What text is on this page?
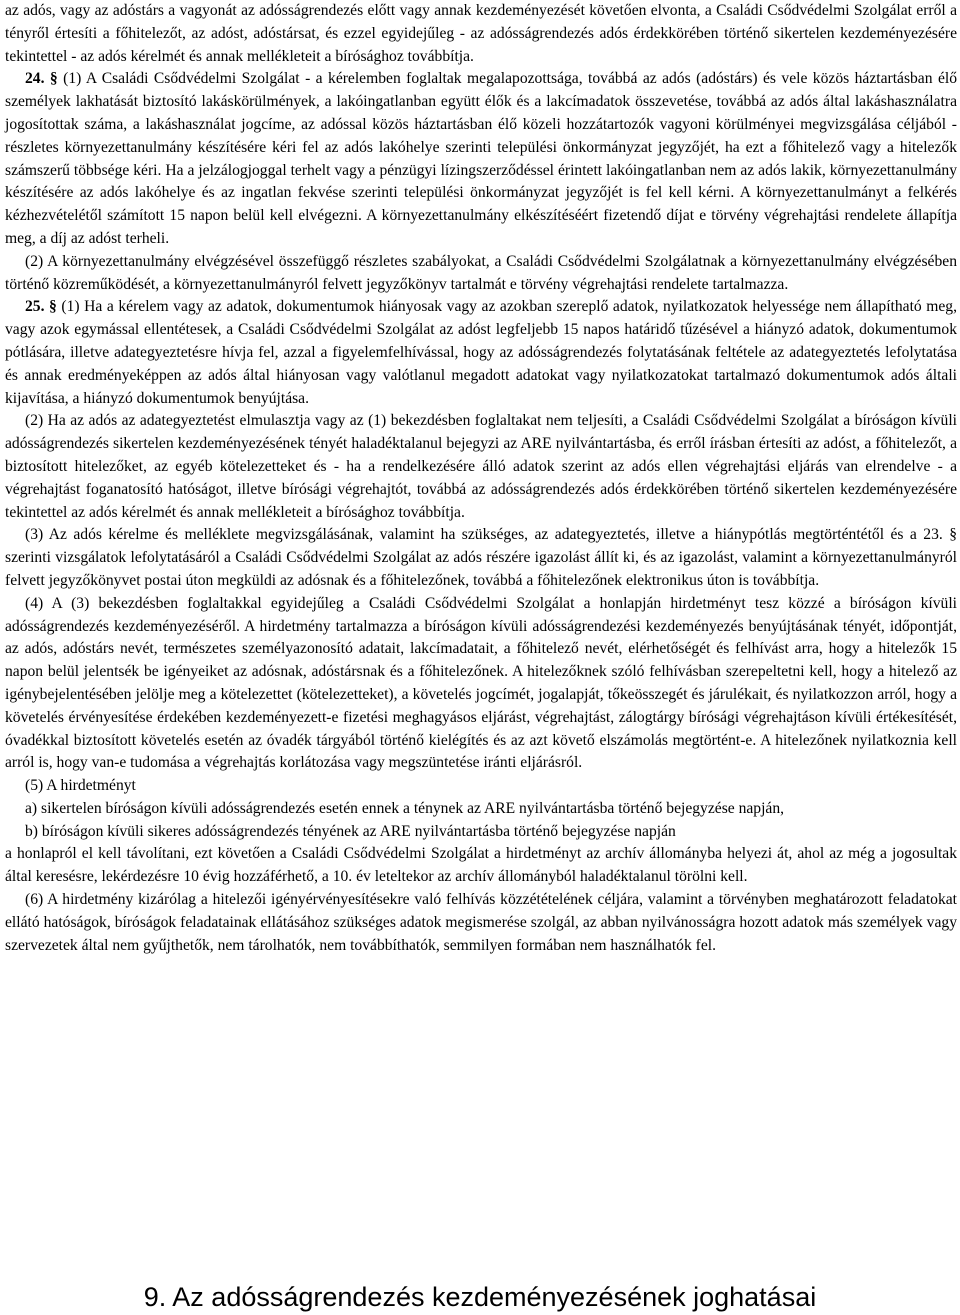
az adós, vagy az adóstárs a vagyonát az adósságrendezés előtt vagy annak kezdeményezését követően elvonta, a Családi Csődvédelmi Szolgálat erről a tényről értesíti a főhitelezőt, az adóst, adóstársat, és ezzel egyidejűleg - az adósságrendezés adós érdekkörében történő sikertelen kezdeményezésére tekintettel - az adós kérelmét és annak mellékleteit a bírósághoz továbbítja.

24. § (1) A Családi Csődvédelmi Szolgálat - a kérelemben foglaltak megalapozottsága, továbbá az adós (adóstárs) és vele közös háztartásban élő személyek lakhatását biztosító lakáskörülmények, a lakóingatlanban együtt élők és a lakcímadatok összevetése, továbbá az adós által lakáshasználatra jogosítottak száma, a lakáshasználat jogcíme, az adóssal közös háztartásban élő közeli hozzátartozók vagyoni körülményei megvizsgálása céljából - részletes környezettanulmány készítésére kéri fel az adós lakóhelye szerinti települési önkormányzat jegyzőjét, ha ezt a főhitelező vagy a hitelezők számszerű többsége kéri. Ha a jelzálogjoggal terhelt vagy a pénzügyi lízingszerződéssel érintett lakóingatlanban nem az adós lakik, környezettanulmány készítésére az adós lakóhelye és az ingatlan fekvése szerinti települési önkormányzat jegyzőjét is fel kell kérni. A környezettanulmányt a felkérés kézhezvételétől számított 15 napon belül kell elvégezni. A környezettanulmány elkészítéséért fizetendő díjat e törvény végrehajtási rendelete állapítja meg, a díj az adóst terheli.

(2) A környezettanulmány elvégzésével összefüggő részletes szabályokat, a Családi Csődvédelmi Szolgálatnak a környezettanulmány elvégzésében történő közreműködését, a környezettanulmányról felvett jegyzőkönyv tartalmát e törvény végrehajtási rendelete tartalmazza.

25. § (1) Ha a kérelem vagy az adatok, dokumentumok hiányosak vagy az azokban szereplő adatok, nyilatkozatok helyessége nem állapítható meg, vagy azok egymással ellentétesek, a Családi Csődvédelmi Szolgálat az adóst legfeljebb 15 napos határidő tűzésével a hiányzó adatok, dokumentumok pótlására, illetve adategyeztetésre hívja fel, azzal a figyelemfelhívással, hogy az adósságrendezés folytatásának feltétele az adategyeztetés lefolytatása és annak eredményeképpen az adós által hiányosan vagy valótlanul megadott adatokat vagy nyilatkozatokat tartalmazó dokumentumok adós általi kijavítása, a hiányzó dokumentumok benyújtása.

(2) Ha az adós az adategyeztetést elmulasztja vagy az (1) bekezdésben foglaltakat nem teljesíti, a Családi Csődvédelmi Szolgálat a bíróságon kívüli adósságrendezés sikertelen kezdeményezésének tényét haladéktalanul bejegyzi az ARE nyilvántartásba, és erről írásban értesíti az adóst, a főhitelezőt, a biztosított hitelezőket, az egyéb kötelezetteket és - ha a rendelkezésére álló adatok szerint az adós ellen végrehajtási eljárás van elrendelve - a végrehajtást foganatosító hatóságot, illetve bírósági végrehajtót, továbbá az adósságrendezés adós érdekkörében történő sikertelen kezdeményezésére tekintettel az adós kérelmét és annak mellékleteit a bírósághoz továbbítja.

(3) Az adós kérelme és melléklete megvizsgálásának, valamint ha szükséges, az adategyeztetés, illetve a hiánypótlás megtörténtétől és a 23. § szerinti vizsgálatok lefolytatásáról a Családi Csődvédelmi Szolgálat az adós részére igazolást állít ki, és az igazolást, valamint a környezettanulmányról felvett jegyzőkönyvet postai úton megküldi az adósnak és a főhitelezőnek, továbbá a főhitelezőnek elektronikus úton is továbbítja.

(4) A (3) bekezdésben foglaltakkal egyidejűleg a Családi Csődvédelmi Szolgálat a honlapján hirdetményt tesz közzé a bíróságon kívüli adósságrendezés kezdeményezéséről. A hirdetmény tartalmazza a bíróságon kívüli adósságrendezési kezdeményezés benyújtásának tényét, időpontját, az adós, adóstárs nevét, természetes személyazonosító adatait, lakcímadatait, a főhitelező nevét, elérhetőségét és felhívást arra, hogy a hitelezők 15 napon belül jelentsék be igényeiket az adósnak, adóstársnak és a főhitelezőnek. A hitelezőknek szóló felhívásban szerepeltetni kell, hogy a hitelező az igénybejelentésében jelölje meg a kötelezettet (kötelezetteket), a követelés jogcímét, jogalapját, tőkeösszegét és járulékait, és nyilatkozzon arról, hogy a követelés érvényesítése érdekében kezdeményezett-e fizetési meghagyásos eljárást, végrehajtást, zálogtárgy bírósági végrehajtáson kívüli értékesítését, óvadékkal biztosított követelés esetén az óvadék tárgyából történő kielégítés és az azt követő elszámolás megtörtént-e. A hitelezőnek nyilatkoznia kell arról is, hogy van-e tudomása a végrehajtás korlátozása vagy megszüntetése iránti eljárásról.

(5) A hirdetményt

a) sikertelen bíróságon kívüli adósságrendezés esetén ennek a ténynek az ARE nyilvántartásba történő bejegyzése napján,

b) bíróságon kívüli sikeres adósságrendezés tényének az ARE nyilvántartásba történő bejegyzése napján

a honlapról el kell távolítani, ezt követően a Családi Csődvédelmi Szolgálat a hirdetményt az archív állományba helyezi át, ahol az még a jogosultak által keresésre, lekérdezésre 10 évig hozzáférhető, a 10. év leteltekor az archív állományból haladéktalanul törölni kell.

(6) A hirdetmény kizárólag a hitelezői igényérvényesítésekre való felhívás közzétételének céljára, valamint a törvényben meghatározott feladatokat ellátó hatóságok, bíróságok feladatainak ellátásához szükséges adatok megismerése szolgál, az abban nyilvánosságra hozott adatok más személyek vagy szervezetek által nem gyűjthetők, nem tárolhatók, nem továbbíthatók, semmilyen formában nem használhatók fel.

9. Az adósságrendezés kezdeményezésének joghatásai
